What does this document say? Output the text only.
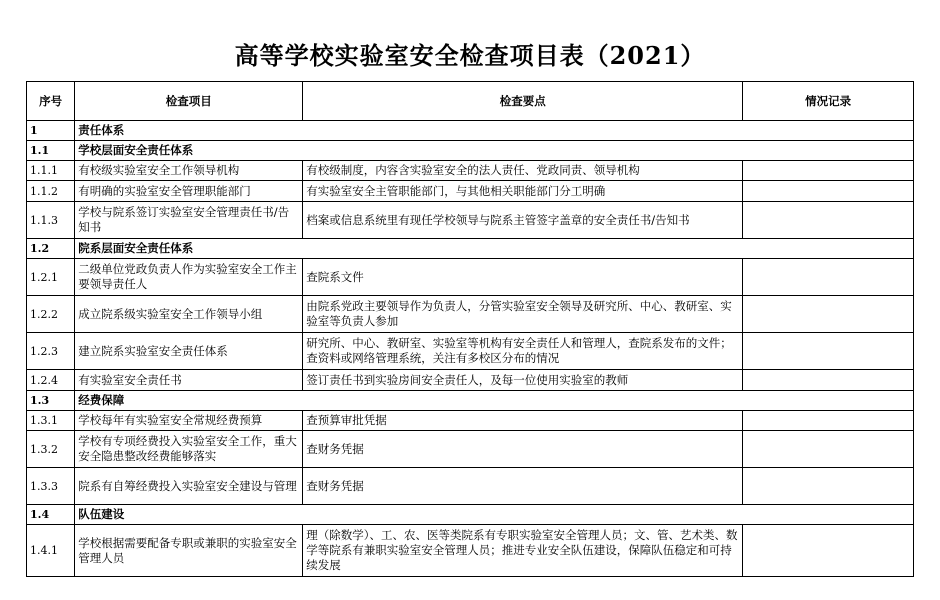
高等学校实验室安全检查项目表（2021）
序号	检查项目	检查要点	情况记录
1	责任体系		
1.1	学校层面安全责任体系		
1.1.1	有校级实验室安全工作领导机构	有校级制度，内容含实验室安全的法人责任、党政同责、领导机构	
1.1.2	有明确的实验室安全管理职能部门	有实验室安全主管职能部门，与其他相关职能部门分工明确	
1.1.3	学校与院系签订实验室安全管理责任书/告知书	档案或信息系统里有现任学校领导与院系主管签字盖章的安全责任书/告知书	
1.2	院系层面安全责任体系		
1.2.1	二级单位党政负责人作为实验室安全工作主要领导责任人	查院系文件	
1.2.2	成立院系级实验室安全工作领导小组	由院系党政主要领导作为负责人，分管实验室安全领导及研究所、中心、教研室、实验室等负责人参加	
1.2.3	建立院系实验室安全责任体系	研究所、中心、教研室、实验室等机构有安全责任人和管理人，查院系发布的文件；查资料或网络管理系统，关注有多校区分布的情况	
1.2.4	有实验室安全责任书	签订责任书到实验房间安全责任人，及每一位使用实验室的教师	
1.3	经费保障		
1.3.1	学校每年有实验室安全常规经费预算	查预算审批凭据	
1.3.2	学校有专项经费投入实验室安全工作，重大安全隐患整改经费能够落实	查财务凭据	
1.3.3	院系有自筹经费投入实验室安全建设与管理	查财务凭据	
1.4	队伍建设		
1.4.1	学校根据需要配备专职或兼职的实验室安全管理人员	理（除数学）、工、农、医等类院系有专职实验室安全管理人员；文、管、艺术类、数学等院系有兼职实验室安全管理人员；推进专业安全队伍建设，保障队伍稳定和可持续发展	
